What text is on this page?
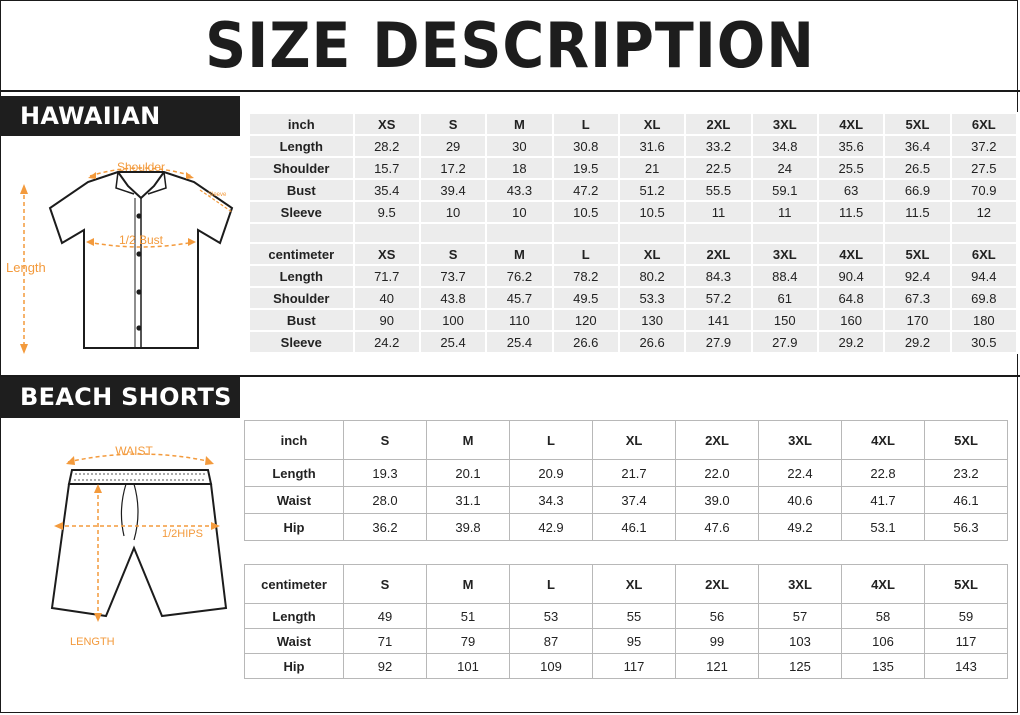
SIZE DESCRIPTION
HAWAIIAN SHIRT	Shoulder
Sleeve
1/2 Bust
Length
inch	XS	S	M	L	XL	2XL	3XL	4XL	5XL	6XL
Length	28.2	29	30	30.8	31.6	33.2	34.8	35.6	36.4	37.2
Shoulder	15.7	17.2	18	19.5	21	22.5	24	25.5	26.5	27.5
Bust	35.4	39.4	43.3	47.2	51.2	55.5	59.1	63	66.9	70.9
Sleeve	9.5	10	10	10.5	10.5	11	11	11.5	11.5	12

centimeter	XS	S	M	L	XL	2XL	3XL	4XL	5XL	6XL
Length	71.7	73.7	76.2	78.2	80.2	84.3	88.4	90.4	92.4	94.4
Shoulder	40	43.8	45.7	49.5	53.3	57.2	61	64.8	67.3	69.8
Bust	90	100	110	120	130	141	150	160	170	180
Sleeve	24.2	25.4	25.4	26.6	26.6	27.9	27.9	29.2	29.2	30.5
BEACH SHORTS
WAIST
1/2HIPS
LENGTH
inch	S	M	L	XL	2XL	3XL	4XL	5XL
Length	19.3	20.1	20.9	21.7	22.0	22.4	22.8	23.2
Waist	28.0	31.1	34.3	37.4	39.0	40.6	41.7	46.1
Hip	36.2	39.8	42.9	46.1	47.6	49.2	53.1	56.3
centimeter	S	M	L	XL	2XL	3XL	4XL	5XL
Length	49	51	53	55	56	57	58	59
Waist	71	79	87	95	99	103	106	117
Hip	92	101	109	117	121	125	135	143
